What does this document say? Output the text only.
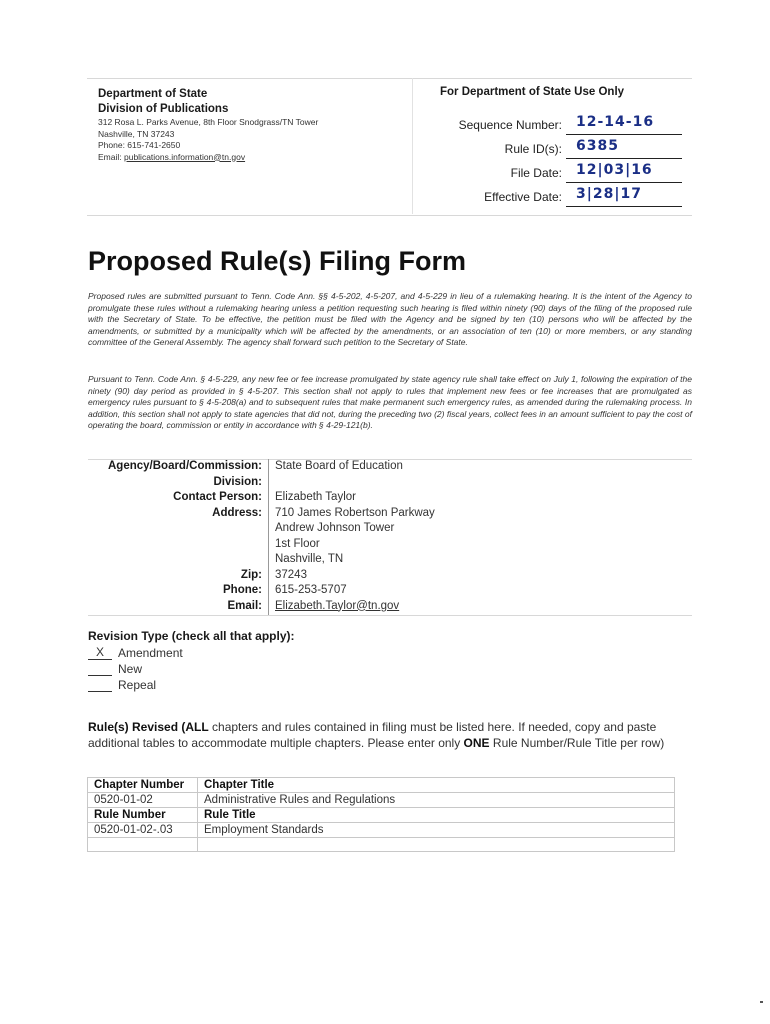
Department of State
Division of Publications
312 Rosa L. Parks Avenue, 8th Floor Snodgrass/TN Tower
Nashville, TN 37243
Phone: 615-741-2650
Email: publications.information@tn.gov
For Department of State Use Only
Sequence Number: 12-14-16
Rule ID(s): 6385
File Date: 12|03|16
Effective Date: 3|28|17
Proposed Rule(s) Filing Form
Proposed rules are submitted pursuant to Tenn. Code Ann. §§ 4-5-202, 4-5-207, and 4-5-229 in lieu of a rulemaking hearing. It is the intent of the Agency to promulgate these rules without a rulemaking hearing unless a petition requesting such hearing is filed within ninety (90) days of the filing of the proposed rule with the Secretary of State. To be effective, the petition must be filed with the Agency and be signed by ten (10) persons who will be affected by the amendments, or submitted by a municipality which will be affected by the amendments, or an association of ten (10) or more members, or any standing committee of the General Assembly. The agency shall forward such petition to the Secretary of State.
Pursuant to Tenn. Code Ann. § 4-5-229, any new fee or fee increase promulgated by state agency rule shall take effect on July 1, following the expiration of the ninety (90) day period as provided in § 4-5-207. This section shall not apply to rules that implement new fees or fee increases that are promulgated as emergency rules pursuant to § 4-5-208(a) and to subsequent rules that make permanent such emergency rules, as amended during the rulemaking process. In addition, this section shall not apply to state agencies that did not, during the preceding two (2) fiscal years, collect fees in an amount sufficient to pay the cost of operating the board, commission or entity in accordance with § 4-29-121(b).
Agency/Board/Commission:	State Board of Education
Division:	
Contact Person:	Elizabeth Taylor
Address:	710 James Robertson Parkway
	Andrew Johnson Tower
	1st Floor
	Nashville, TN
Zip:	37243
Phone:	615-253-5707
Email:	Elizabeth.Taylor@tn.gov
Revision Type (check all that apply):
X Amendment
New
Repeal
Rule(s) Revised (ALL chapters and rules contained in filing must be listed here. If needed, copy and paste additional tables to accommodate multiple chapters. Please enter only ONE Rule Number/Rule Title per row)
Chapter Number	Chapter Title
0520-01-02	Administrative Rules and Regulations
Rule Number	Rule Title
0520-01-02-.03	Employment Standards
